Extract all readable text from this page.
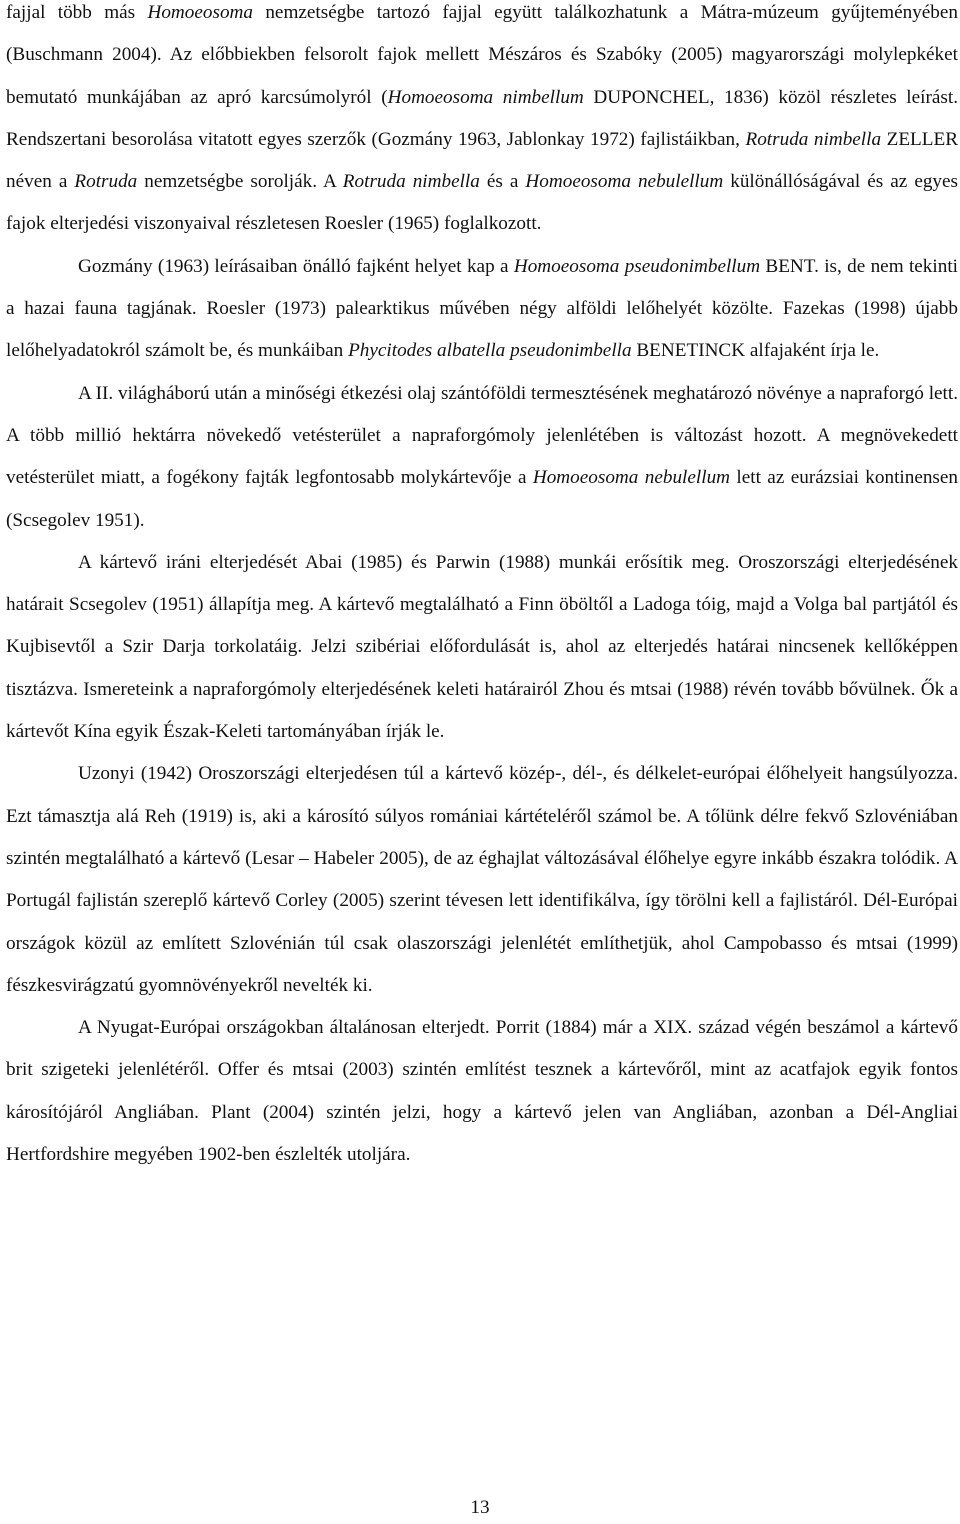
fajjal több más Homoeosoma nemzetségbe tartozó fajjal együtt találkozhatunk a Mátra-múzeum gyűjteményében (Buschmann 2004). Az előbbiekben felsorolt fajok mellett Mészáros és Szabóky (2005) magyarországi molylepkéket bemutató munkájában az apró karcsúmolyról (Homoeosoma nimbellum DUPONCHEL, 1836) közöl részletes leírást. Rendszertani besorolása vitatott egyes szerzők (Gozmány 1963, Jablonkay 1972) fajlistáikban, Rotruda nimbella ZELLER néven a Rotruda nemzetségbe sorolják. A Rotruda nimbella és a Homoeosoma nebulellum különállóságával és az egyes fajok elterjedési viszonyaival részletesen Roesler (1965) foglalkozott.

Gozmány (1963) leírásaiban önálló fajként helyet kap a Homoeosoma pseudonimbellum BENT. is, de nem tekinti a hazai fauna tagjának. Roesler (1973) palearktikus művében négy alföldi lelőhelyét közölte. Fazekas (1998) újabb lelőhelyadatokról számolt be, és munkáiban Phycitodes albatella pseudonimbella BENETINCK alfajaként írja le.

A II. világháború után a minőségi étkezési olaj szántóföldi termesztésének meghatározó növénye a napraforgó lett. A több millió hektárra növekedő vetésterület a napraforgómoly jelenlétében is változást hozott. A megnövekedett vetésterület miatt, a fogékony fajták legfontosabb molykártevője a Homoeosoma nebulellum lett az eurázsiai kontinensen (Scsegolev 1951).

A kártevő iráni elterjedését Abai (1985) és Parwin (1988) munkái erősítik meg. Oroszországi elterjedésének határait Scsegolev (1951) állapítja meg. A kártevő megtalálható a Finn öböltől a Ladoga tóig, majd a Volga bal partjától és Kujbisevtől a Szir Darja torkolatáig. Jelzi szibériai előfordulását is, ahol az elterjedés határai nincsenek kellőképpen tisztázva. Ismereteink a napraforgómoly elterjedésének keleti határairól Zhou és mtsai (1988) révén tovább bővülnek. Ők a kártevőt Kína egyik Észak-Keleti tartományában írják le.

Uzonyi (1942) Oroszországi elterjedésen túl a kártevő közép-, dél-, és délkelet-európai élőhelyeit hangsúlyozza. Ezt támasztja alá Reh (1919) is, aki a károsító súlyos romániai kártételéről számol be. A tőlünk délre fekvő Szlovéniában szintén megtalálható a kártevő (Lesar – Habeler 2005), de az éghajlat változásával élőhelye egyre inkább északra tolódik. A Portugál fajlistán szereplő kártevő Corley (2005) szerint tévesen lett identifikálva, így törölni kell a fajlistáról. Dél-Európai országok közül az említett Szlovénián túl csak olaszországi jelenlétét említhetjük, ahol Campobasso és mtsai (1999) fészkesvirágzatú gyomnövényekről nevelték ki.

A Nyugat-Európai országokban általánosan elterjedt. Porrit (1884) már a XIX. század végén beszámol a kártevő brit szigeteki jelenlétéről. Offer és mtsai (2003) szintén említést tesznek a kártevőről, mint az acatfajok egyik fontos károsítójáról Angliában. Plant (2004) szintén jelzi, hogy a kártevő jelen van Angliában, azonban a Dél-Angliai Hertfordshire megyében 1902-ben észlelték utoljára.

13
